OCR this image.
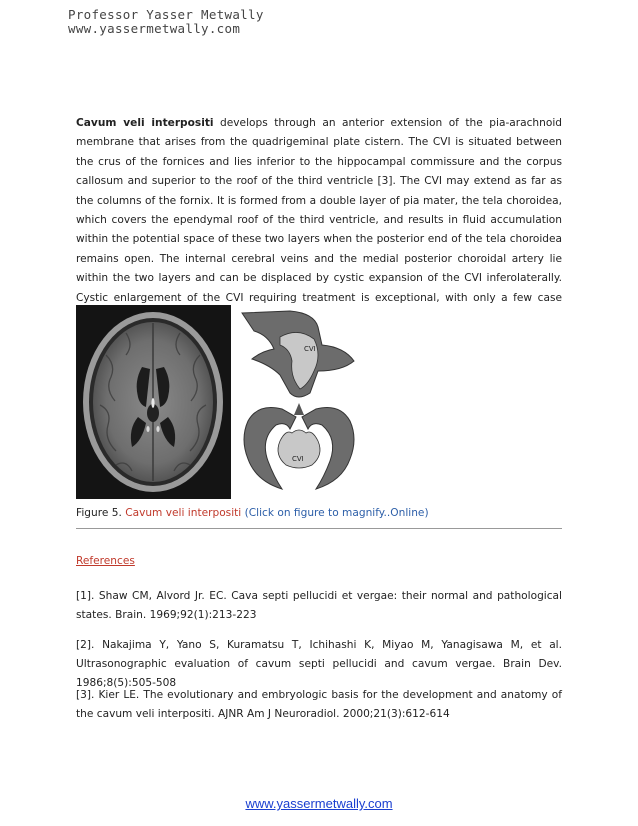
Professor Yasser Metwally
www.yassermetwally.com
Cavum veli interpositi develops through an anterior extension of the pia-arachnoid membrane that arises from the quadrigeminal plate cistern. The CVI is situated between the crus of the fornices and lies inferior to the hippocampal commissure and the corpus callosum and superior to the roof of the third ventricle [3]. The CVI may extend as far as the columns of the fornix. It is formed from a double layer of pia mater, the tela choroidea, which covers the ependymal roof of the third ventricle, and results in fluid accumulation within the potential space of these two layers when the posterior end of the tela choroidea remains open. The internal cerebral veins and the medial posterior choroidal artery lie within the two layers and can be displaced by cystic expansion of the CVI inferolaterally. Cystic enlargement of the CVI requiring treatment is exceptional, with only a few case
CVI
CVI
Figure 5. Cavum veli interpositi (Click on figure to magnify..Online)
References
[1]. Shaw CM, Alvord Jr. EC. Cava septi pellucidi et vergae: their normal and pathological states. Brain. 1969;92(1):213-223
[2]. Nakajima Y, Yano S, Kuramatsu T, Ichihashi K, Miyao M, Yanagisawa M, et al. Ultrasonographic evaluation of cavum septi pellucidi and cavum vergae. Brain Dev. 1986;8(5):505-508
[3]. Kier LE. The evolutionary and embryologic basis for the development and anatomy of the cavum veli interpositi. AJNR Am J Neuroradiol. 2000;21(3):612-614
www.yassermetwally.com
